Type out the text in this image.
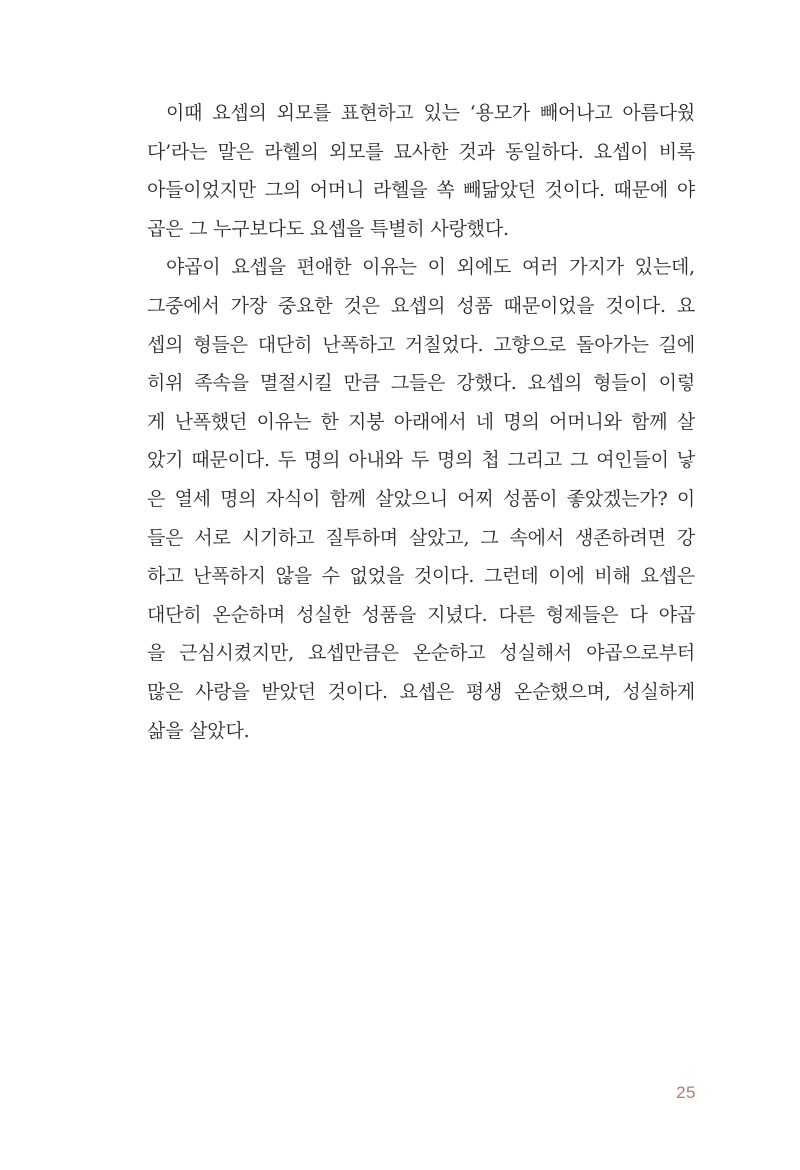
이때 요셉의 외모를 표현하고 있는 ‘용모가 빼어나고 아름다웠
다’라는 말은 라헬의 외모를 묘사한 것과 동일하다. 요셉이 비록
아들이었지만 그의 어머니 라헬을 쏙 빼닮았던 것이다. 때문에 야
곱은 그 누구보다도 요셉을 특별히 사랑했다.

야곱이 요셉을 편애한 이유는 이 외에도 여러 가지가 있는데,
그중에서 가장 중요한 것은 요셉의 성품 때문이었을 것이다. 요
셉의 형들은 대단히 난폭하고 거칠었다. 고향으로 돌아가는 길에
히위 족속을 멸절시킬 만큼 그들은 강했다. 요셉의 형들이 이렇
게 난폭했던 이유는 한 지붕 아래에서 네 명의 어머니와 함께 살
았기 때문이다. 두 명의 아내와 두 명의 첩 그리고 그 여인들이 낳
은 열세 명의 자식이 함께 살았으니 어찌 성품이 좋았겠는가? 이
들은 서로 시기하고 질투하며 살았고, 그 속에서 생존하려면 강
하고 난폭하지 않을 수 없었을 것이다. 그런데 이에 비해 요셉은
대단히 온순하며 성실한 성품을 지녔다. 다른 형제들은 다 야곱
을 근심시켰지만, 요셉만큼은 온순하고 성실해서 야곱으로부터
많은 사랑을 받았던 것이다. 요셉은 평생 온순했으며, 성실하게
삶을 살았다.

25
